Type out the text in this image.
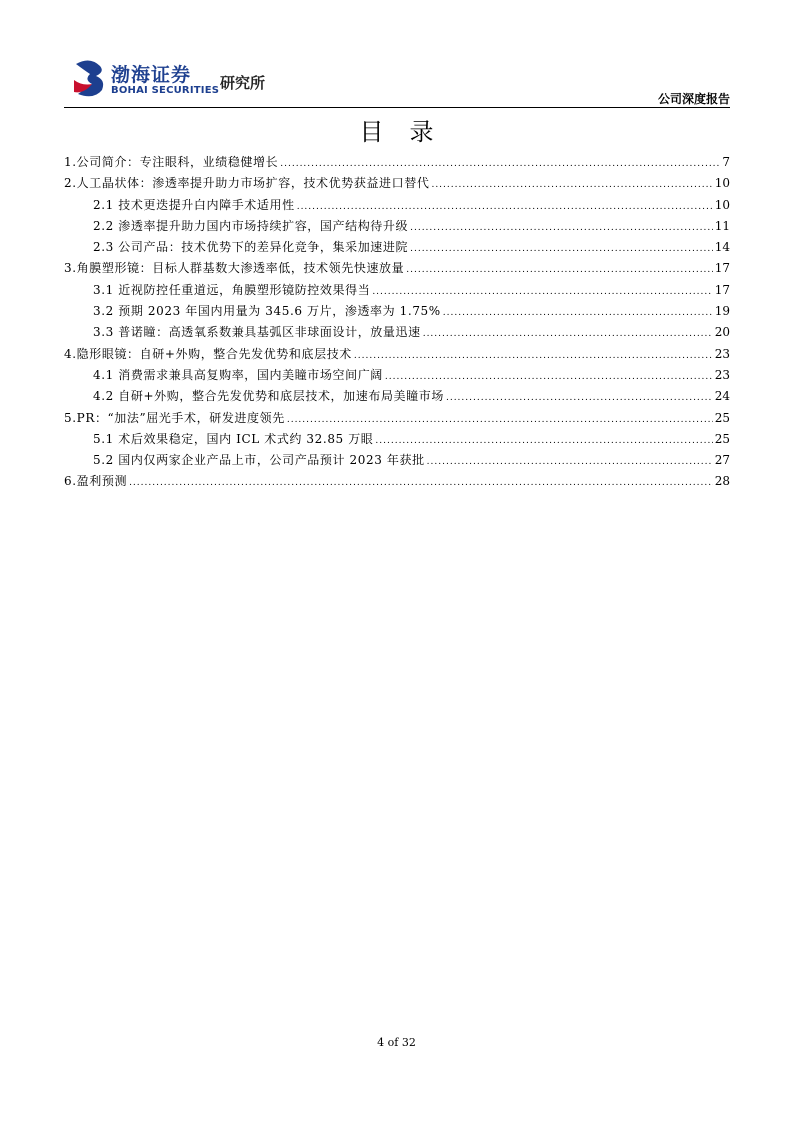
渤海证券
BOHAI SECURITIES 研究所
公司深度报告
目录
1.公司简介：专注眼科，业绩稳健增长 .....	7
2.人工晶状体：渗透率提升助力市场扩容，技术优势获益进口替代 .....	10
2.1 技术更迭提升白内障手术适用性 .....	10
2.2 渗透率提升助力国内市场持续扩容，国产结构待升级 .....	11
2.3 公司产品：技术优势下的差异化竞争，集采加速进院 .....	14
3.角膜塑形镜：目标人群基数大渗透率低，技术领先快速放量 .....	17
3.1 近视防控任重道远，角膜塑形镜防控效果得当 .....	17
3.2 预期 2023 年国内用量为 345.6 万片，渗透率为 1.75% .....	19
3.3 普诺瞳：高透氧系数兼具基弧区非球面设计，放量迅速 .....	20
4.隐形眼镜：自研+外购，整合先发优势和底层技术 .....	23
4.1 消费需求兼具高复购率，国内美瞳市场空间广阔 .....	23
4.2 自研+外购，整合先发优势和底层技术，加速布局美瞳市场 .....	24
5.PR：“加法”屈光手术，研发进度领先 .....	25
5.1 术后效果稳定，国内 ICL 术式约 32.85 万眼 .....	25
5.2 国内仅两家企业产品上市，公司产品预计 2023 年获批 .....	27
6.盈利预测 .....	28
4 of 32
